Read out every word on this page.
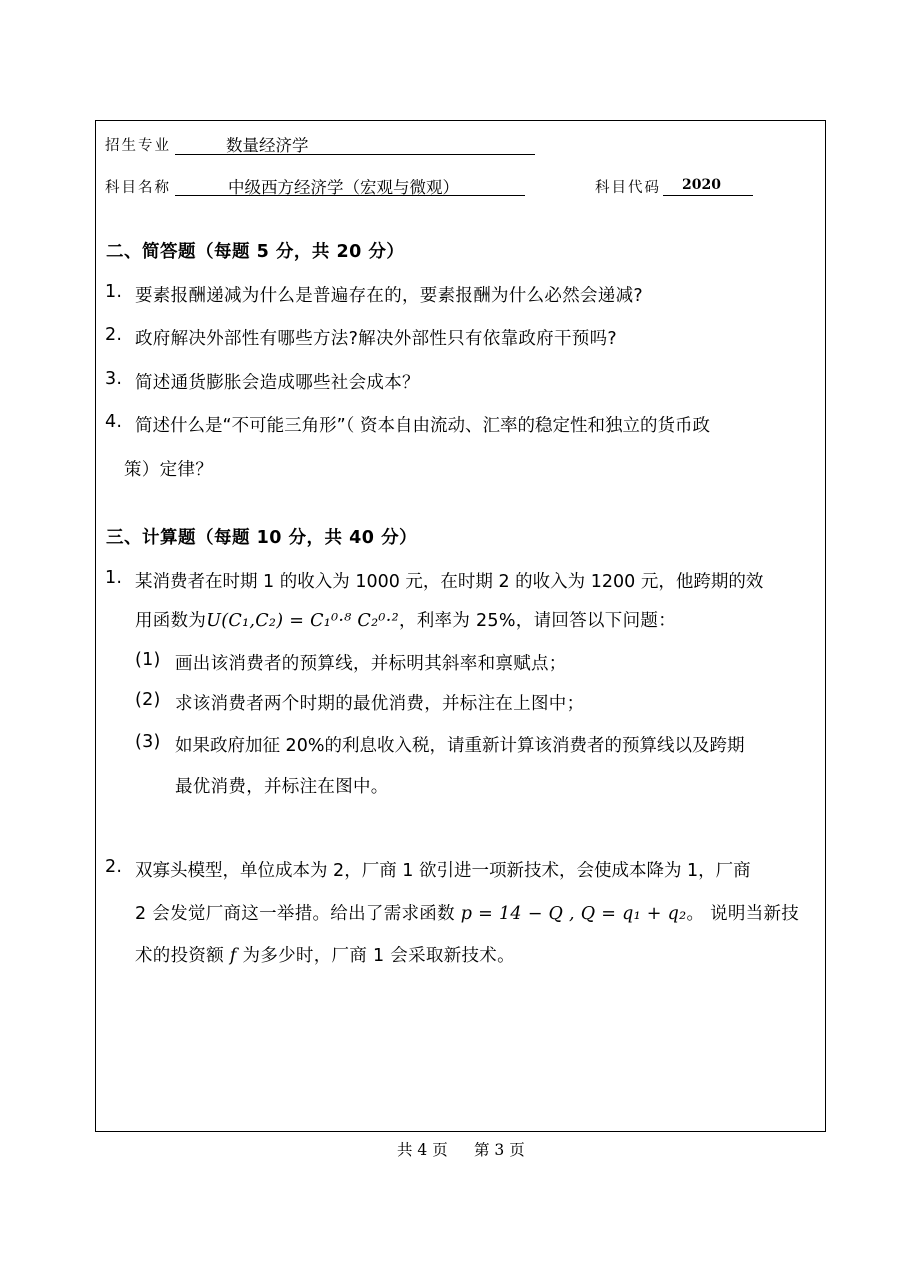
招生专业	数量经济学
科目名称	中级西方经济学（宏观与微观）	科目代码 2020
二、简答题（每题 5 分，共 20 分）
1. 要素报酬递减为什么是普遍存在的，要素报酬为什么必然会递减?
2. 政府解决外部性有哪些方法?解决外部性只有依靠政府干预吗?
3. 简述通货膨胀会造成哪些社会成本？
4. 简述什么是“不可能三角形”（ 资本自由流动、汇率的稳定性和独立的货币政
策）定律？
三、计算题（每题 10 分，共 40 分）
1. 某消费者在时期 1 的收入为 1000 元，在时期 2 的收入为 1200 元，他跨期的效
用函数为U(C₁,C₂) = C₁⁰·⁸ C₂⁰·²，利率为 25%，请回答以下问题：
(1) 画出该消费者的预算线，并标明其斜率和禀赋点；
(2) 求该消费者两个时期的最优消费，并标注在上图中；
(3) 如果政府加征 20%的利息收入税，请重新计算该消费者的预算线以及跨期
最优消费，并标注在图中。
2. 双寡头模型，单位成本为 2，厂商 1 欲引进一项新技术，会使成本降为 1，厂商
2 会发觉厂商这一举措。给出了需求函数 p = 14 − Q , Q = q₁ + q₂。 说明当新技
术的投资额 f 为多少时，厂商 1 会采取新技术。
共 4 页 第 3 页
